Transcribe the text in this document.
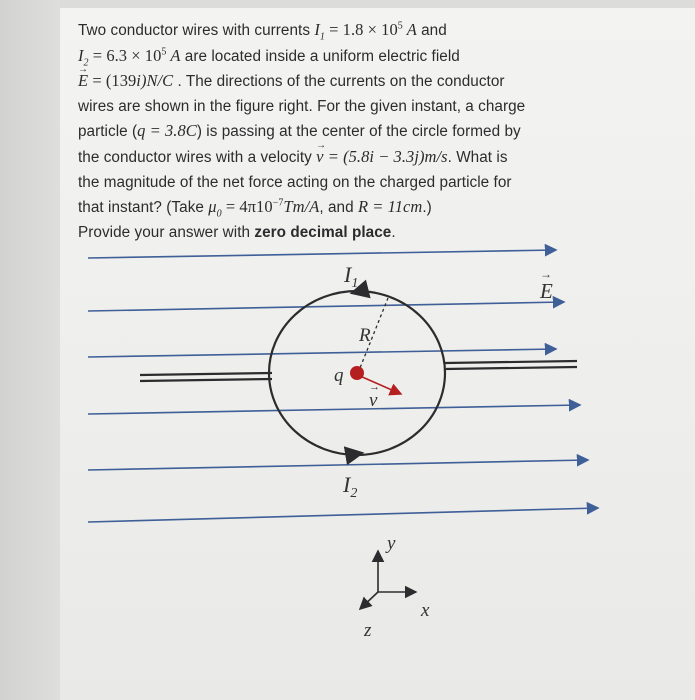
Two conductor wires with currents $I_1 = 1.8 \times 10^5$ A and
$I_2 = 6.3 \times 10^5$ A are located inside a uniform electric field
→ E = (139i)N/C . The directions of the currents on the conductor
wires are shown in the figure right. For the given instant, a charge
particle (q = 3.8C) is passing at the center of the circle formed by
the conductor wires with a velocity → v = (5.8i − 3.3j)m/s. What is
the magnitude of the net force acting on the charged particle for
that instant? (Take $\mu_0 = 4\pi 10^{-7}Tm/A$, and R = 11cm.)
Provide your answer with zero decimal place.
$I_1$
$I_2$
R
q
v
→
E
→
y
x
z
